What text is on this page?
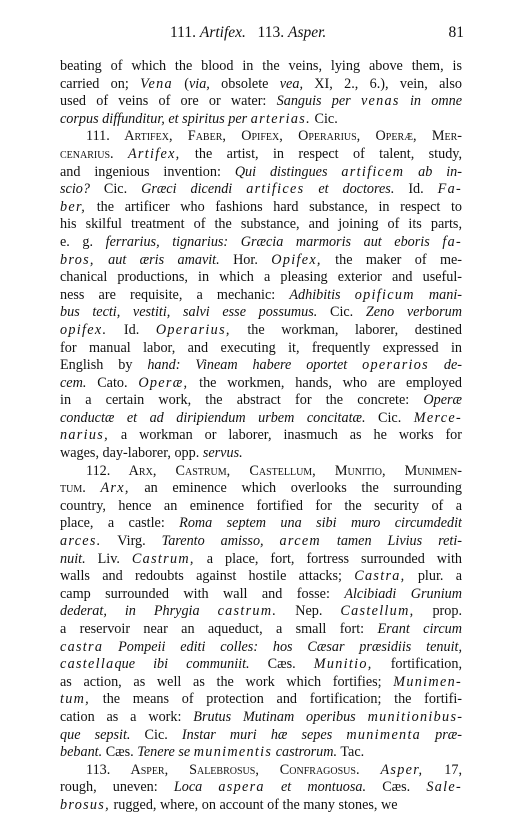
111. Artifex. 113. Asper.	81
beating of which the blood in the veins, lying above them, is
carried on; Vena (via, obsolete vea, XI, 2., 6.), vein, also
used of veins of ore or water: Sanguis per venas in omne
corpus diffunditur, et spiritus per arterias. Cic.
111. Artifex, Faber, Opifex, Operarius, Operæ, Mer-
cenarius. Artifex, the artist, in respect of talent, study,
and ingenious invention: Qui distingues artificem ab in-
scio? Cic. Græci dicendi artifices et doctores. Id. Fa-
ber, the artificer who fashions hard substance, in respect to
his skilful treatment of the substance, and joining of its parts,
e. g. ferrarius, tignarius: Græcia marmoris aut eboris fa-
bros, aut æris amavit. Hor. Opifex, the maker of me-
chanical productions, in which a pleasing exterior and useful-
ness are requisite, a mechanic: Adhibitis opificum mani-
bus tecti, vestiti, salvi esse possumus. Cic. Zeno verborum
opifex. Id. Operarius, the workman, laborer, destined
for manual labor, and executing it, frequently expressed in
English by hand: Vineam habere oportet operarios de-
cem. Cato. Operæ, the workmen, hands, who are employed
in a certain work, the abstract for the concrete: Operæ
conductæ et ad diripiendum urbem concitatæ. Cic. Merce-
narius, a workman or laborer, inasmuch as he works for
wages, day-laborer, opp. servus.
112. Arx, Castrum, Castellum, Munitio, Munimen-
tum. Arx, an eminence which overlooks the surrounding
country, hence an eminence fortified for the security of a
place, a castle: Roma septem una sibi muro circumdedit
arces. Virg. Tarento amisso, arcem tamen Livius reti-
nuit. Liv. Castrum, a place, fort, fortress surrounded with
walls and redoubts against hostile attacks; Castra, plur. a
camp surrounded with wall and fosse: Alcibiadi Grunium
dederat, in Phrygia castrum. Nep. Castellum, prop.
a reservoir near an aqueduct, a small fort: Erant circum
castra Pompeii editi colles: hos Cæsar præsidiis tenuit,
castellaque ibi communiit. Cæs. Munitio, fortification,
as action, as well as the work which fortifies; Munimen-
tum, the means of protection and fortification; the fortifi-
cation as a work: Brutus Mutinam operibus munitionibus-
que sepsit. Cic. Instar muri hæ sepes munimenta præ-
bebant. Cæs. Tenere se munimentis castrorum. Tac.
113. Asper, Salebrosus, Confragosus. Asper, 17,
rough, uneven: Loca aspera et montuosa. Cæs. Sale-
brosus, rugged, where, on account of the many stones, we
